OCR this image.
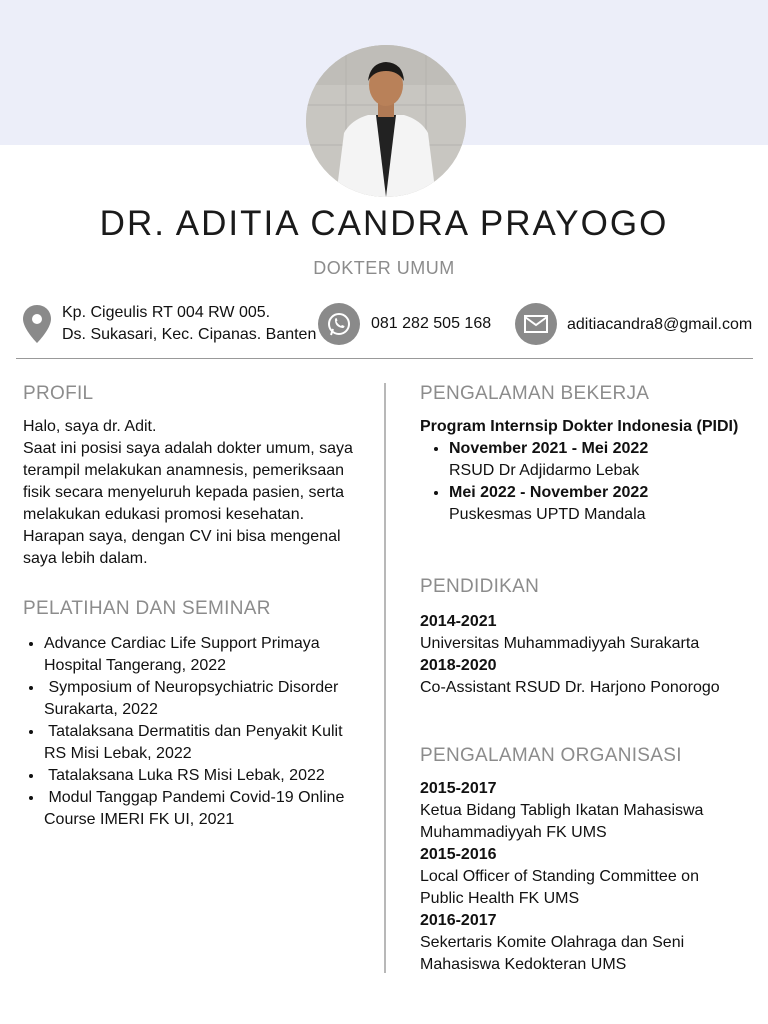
DR. ADITIA CANDRA PRAYOGO
DOKTER UMUM
Kp. Cigeulis RT 004 RW 005.
Ds. Sukasari, Kec. Cipanas. Banten
081 282 505 168	aditiacandra8@gmail.com
PROFIL

Halo, saya dr. Adit.

Saat ini posisi saya adalah dokter umum, saya

terampil melakukan anamnesis, pemeriksaan

fisik secara menyeluruh kepada pasien, serta

melakukan edukasi promosi kesehatan.

Harapan saya, dengan CV ini bisa mengenal

saya lebih dalam.

PELATIHAN DAN SEMINAR
• Advance Cardiac Life Support Primaya
Hospital Tangerang, 2022
•  Symposium of Neuropsychiatric Disorder
Surakarta, 2022
•  Tatalaksana Dermatitis dan Penyakit Kulit
RS Misi Lebak, 2022
•  Tatalaksana Luka RS Misi Lebak, 2022
•  Modul Tanggap Pandemi Covid-19 Online
Course IMERI FK UI, 2021
PENGALAMAN BEKERJA

Program Internsip Dokter Indonesia (PIDI)

• November 2021 - Mei 2022
RSUD Dr Adjidarmo Lebak
• Mei 2022 - November 2022
Puskesmas UPTD Mandala
PENDIDIKAN

2014-2021

Universitas Muhammadiyyah Surakarta

2018-2020

Co-Assistant RSUD Dr. Harjono Ponorogo

PENGALAMAN ORGANISASI

2015-2017

Ketua Bidang Tabligh Ikatan Mahasiswa

Muhammadiyyah FK UMS

2015-2016

Local Officer of Standing Committee on

Public Health FK UMS

2016-2017

Sekertaris Komite Olahraga dan Seni

Mahasiswa Kedokteran UMS
